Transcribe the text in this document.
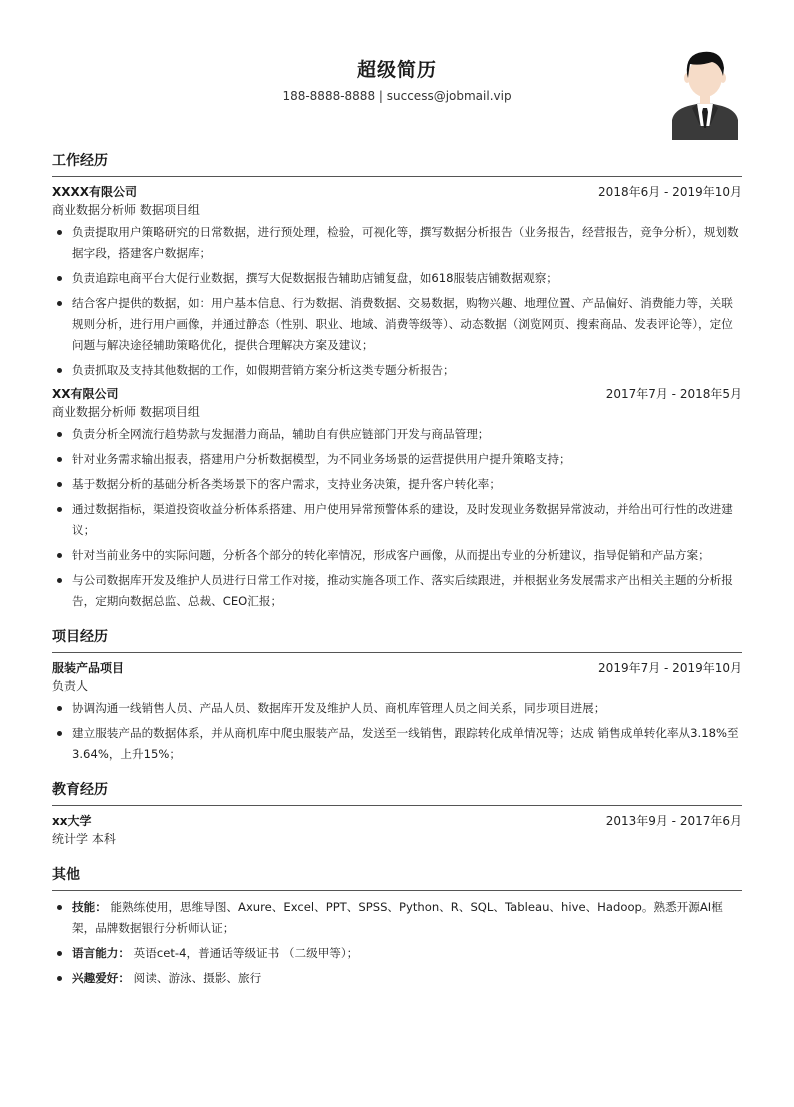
超级简历
188-8888-8888 | success@jobmail.vip
工作经历
XXXX有限公司	2018年6月 - 2019年10月
商业数据分析师 数据项目组
负责提取用户策略研究的日常数据，进行预处理，检验，可视化等，撰写数据分析报告（业务报告，经营报告，竞争分析），规划数据字段，搭建客户数据库；
负责追踪电商平台大促行业数据，撰写大促数据报告辅助店铺复盘，如618服装店铺数据观察；
结合客户提供的数据，如：用户基本信息、行为数据、消费数据、交易数据，购物兴趣、地理位置、产品偏好、消费能力等，关联规则分析，进行用户画像，并通过静态（性别、职业、地域、消费等级等）、动态数据（浏览网页、搜索商品、发表评论等），定位问题与解决途径辅助策略优化，提供合理解决方案及建议；
负责抓取及支持其他数据的工作，如假期营销方案分析这类专题分析报告；
XX有限公司	2017年7月 - 2018年5月
商业数据分析师 数据项目组
负责分析全网流行趋势款与发掘潜力商品，辅助自有供应链部门开发与商品管理；
针对业务需求输出报表，搭建用户分析数据模型，为不同业务场景的运营提供用户提升策略支持；
基于数据分析的基础分析各类场景下的客户需求，支持业务决策，提升客户转化率；
通过数据指标，渠道投资收益分析体系搭建、用户使用异常预警体系的建设，及时发现业务数据异常波动，并给出可行性的改进建议；
针对当前业务中的实际问题，分析各个部分的转化率情况，形成客户画像，从而提出专业的分析建议，指导促销和产品方案；
与公司数据库开发及维护人员进行日常工作对接，推动实施各项工作、落实后续跟进，并根据业务发展需求产出相关主题的分析报告，定期向数据总监、总裁、CEO汇报；
项目经历
服装产品项目	2019年7月 - 2019年10月
负责人
协调沟通一线销售人员、产品人员、数据库开发及维护人员、商机库管理人员之间关系，同步项目进展；
建立服装产品的数据体系，并从商机库中爬虫服装产品，发送至一线销售，跟踪转化成单情况等；达成 销售成单转化率从3.18%至3.64%，上升15%；
教育经历
xx大学	2013年9月 - 2017年6月
统计学 本科
其他
技能： 能熟练使用，思维导图、Axure、Excel、PPT、SPSS、Python、R、SQL、Tableau、hive、Hadoop。熟悉开源AI框架，品牌数据银行分析师认证；
语言能力： 英语cet-4，普通话等级证书 （二级甲等）；
兴趣爱好： 阅读、游泳、摄影、旅行
